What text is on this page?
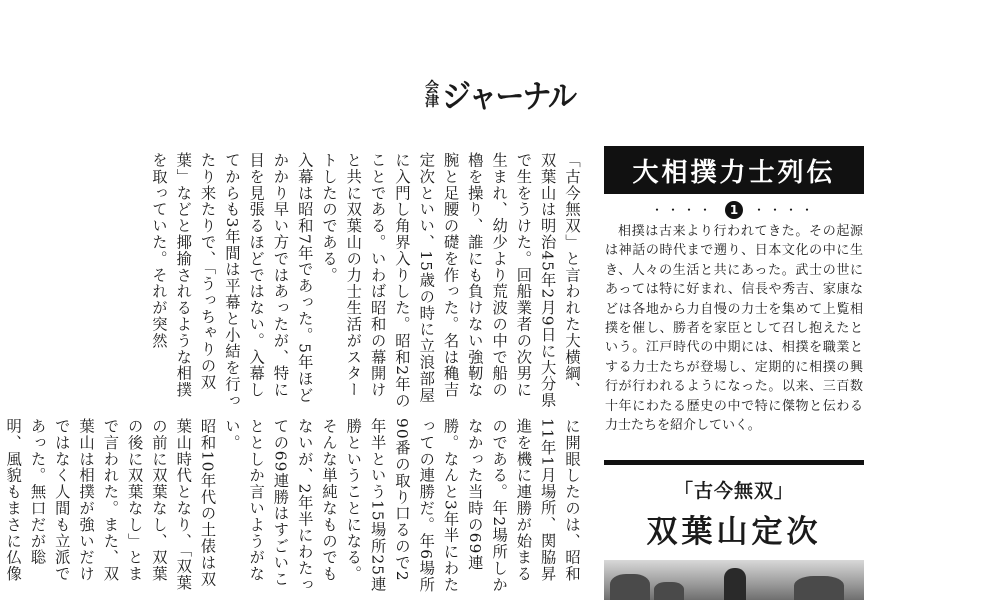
会
津 ジャーナル

「古今無双」と言われた大横綱、双葉山は明治45年2月9日に大分県で生をうけた。回船業者の次男に生まれ、幼少より荒波の中で船の櫓を操り、誰にも負けない強靭な腕と足腰の礎を作った。名は穐吉定次といい、15歳の時に立浪部屋に入門し角界入りした。昭和2年のことである。いわば昭和の幕開けと共に双葉山の力士生活がスタートしたのである。

入幕は昭和7年であった。5年ほどかかり早い方ではあったが、特に目を見張るほどではない。入幕してからも3年間は平幕と小結を行ったり来たりで、「うっちゃりの双葉」などと揶揄されるような相撲を取っていた。それが突然

に開眼したのは、昭和11年1月場所、関脇昇進を機に連勝が始まるのである。年2場所しかなかった当時の69連勝。なんと3年半にわたっての連勝だ。年6場所90番の取り口るので2年半という15場所25連勝ということになる。そんな単純なものでもないが、2年半にわたっての69連勝はすごいこととしか言いようがない。

昭和10年代の土俵は双葉山時代となり、「双葉の前に双葉なし、双葉の後に双葉なし」とまで言われた。また、双葉山は相撲が強いだけではなく人間も立派であった。無口だが聡明、風貌もまさに仏像

大相撲力士列伝
・・・・	1	・・・・

相撲は古来より行われてきた。その起源は神話の時代まで遡り、日本文化の中に生き、人々の生活と共にあった。武士の世にあっては特に好まれ、信長や秀吉、家康などは各地から力自慢の力士を集めて上覧相撲を催し、勝者を家臣として召し抱えたという。江戸時代の中期には、相撲を職業とする力士たちが登場し、定期的に相撲の興行が行われるようになった。以来、三百数十年にわたる歴史の中で特に傑物と伝わる力士たちを紹介していく。

「古今無双」
双葉山定次
